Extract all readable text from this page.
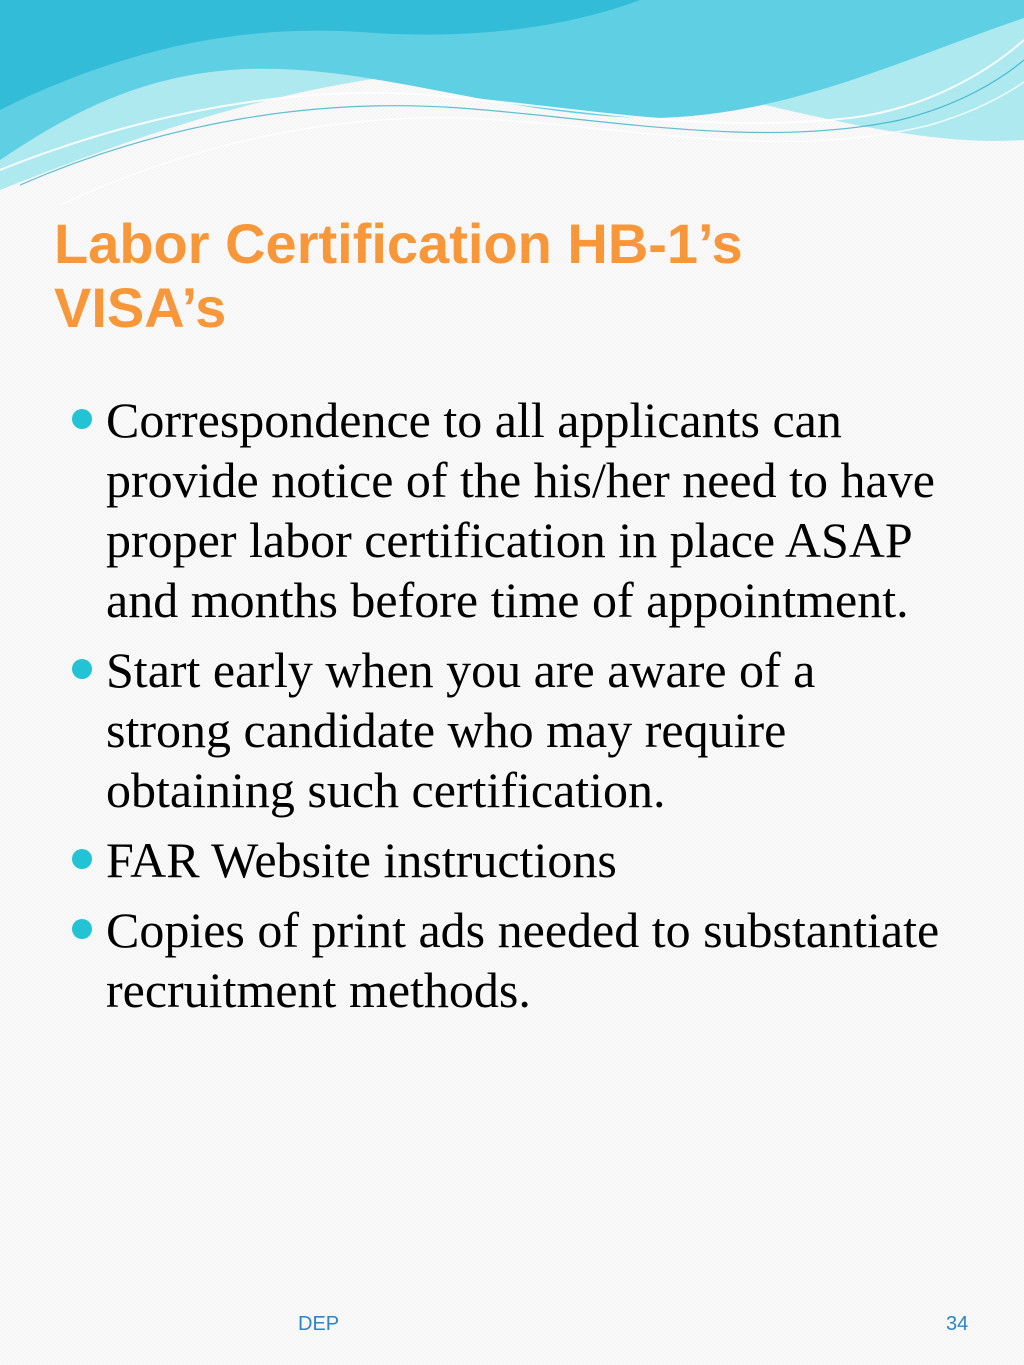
Labor Certification HB-1’s
VISA’s
Correspondence to all applicants can provide notice of the his/her need to have proper labor certification in place ASAP and months before time of appointment.
Start early when you are aware of a strong candidate who may require obtaining such certification.
FAR Website instructions
Copies of print ads needed to substantiate recruitment methods.
DEP	34
